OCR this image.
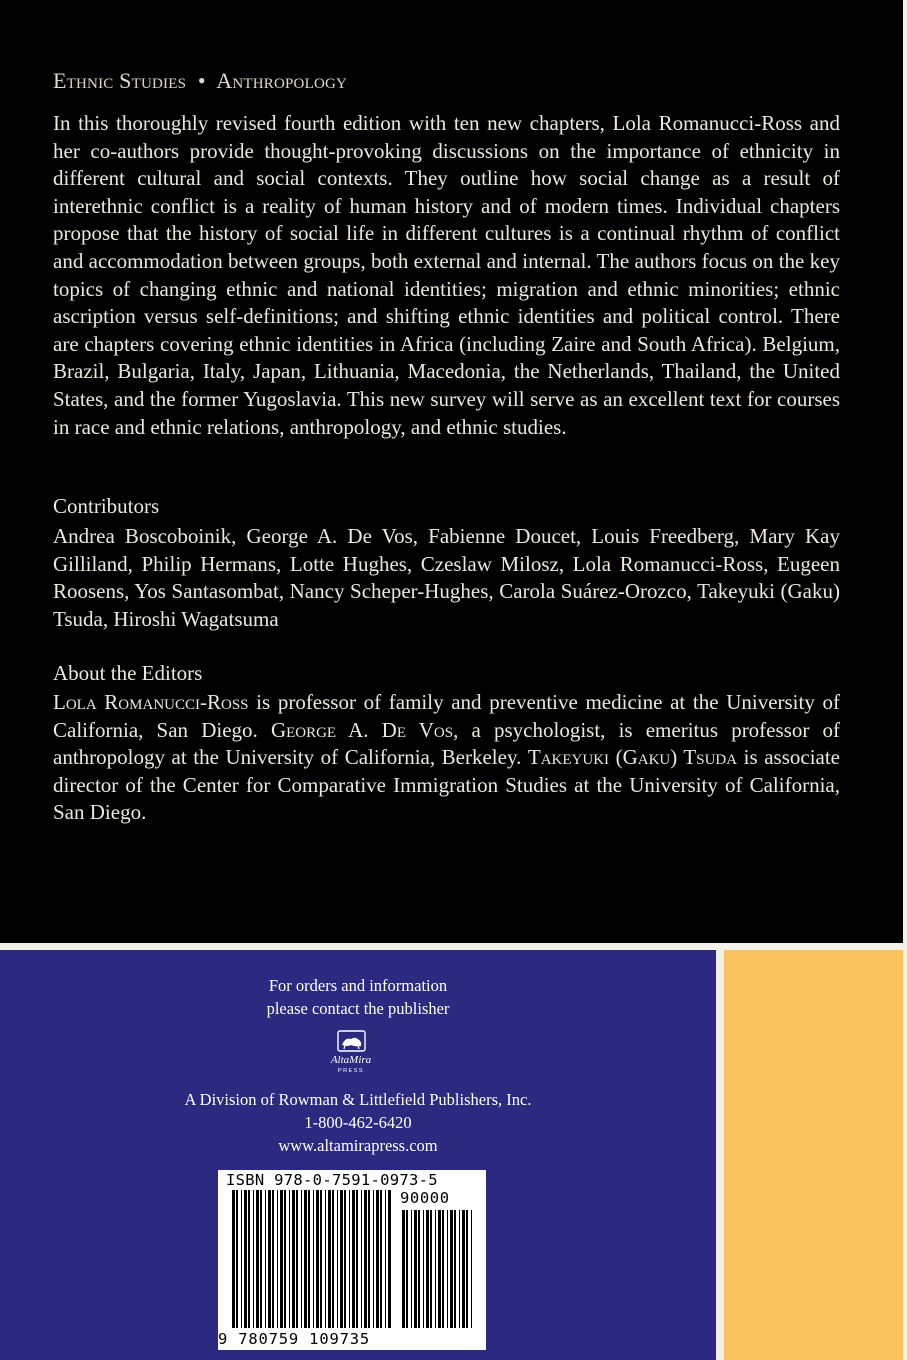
Ethnic Studies • Anthropology
In this thoroughly revised fourth edition with ten new chapters, Lola Romanucci-Ross and her co-authors provide thought-provoking discussions on the importance of ethnicity in different cultural and social contexts. They outline how social change as a result of interethnic conflict is a reality of human history and of modern times. Individual chapters propose that the history of social life in different cultures is a continual rhythm of conflict and accommodation between groups, both external and internal. The authors focus on the key topics of changing ethnic and national identities; migration and ethnic minorities; ethnic ascription versus self-definitions; and shifting ethnic identities and political control. There are chapters covering ethnic identities in Africa (including Zaire and South Africa). Belgium, Brazil, Bulgaria, Italy, Japan, Lithuania, Macedonia, the Netherlands, Thailand, the United States, and the former Yugoslavia. This new survey will serve as an excellent text for courses in race and ethnic relations, anthropology, and ethnic studies.
Contributors
Andrea Boscoboinik, George A. De Vos, Fabienne Doucet, Louis Freedberg, Mary Kay Gilliland, Philip Hermans, Lotte Hughes, Czeslaw Milosz, Lola Romanucci-Ross, Eugeen Roosens, Yos Santasombat, Nancy Scheper-Hughes, Carola Suárez-Orozco, Takeyuki (Gaku) Tsuda, Hiroshi Wagatsuma
About the Editors
Lola Romanucci-Ross is professor of family and preventive medicine at the University of California, San Diego. George A. De Vos, a psychologist, is emeritus professor of anthropology at the University of California, Berkeley. Takeyuki (Gaku) Tsuda is associate director of the Center for Comparative Immigration Studies at the University of California, San Diego.
For orders and information
please contact the publisher
AltaMira
PRESS
A Division of Rowman & Littlefield Publishers, Inc.
1-800-462-6420
www.altamirapress.com
ISBN 978-0-7591-0973-5
90000
9 780759 109735
